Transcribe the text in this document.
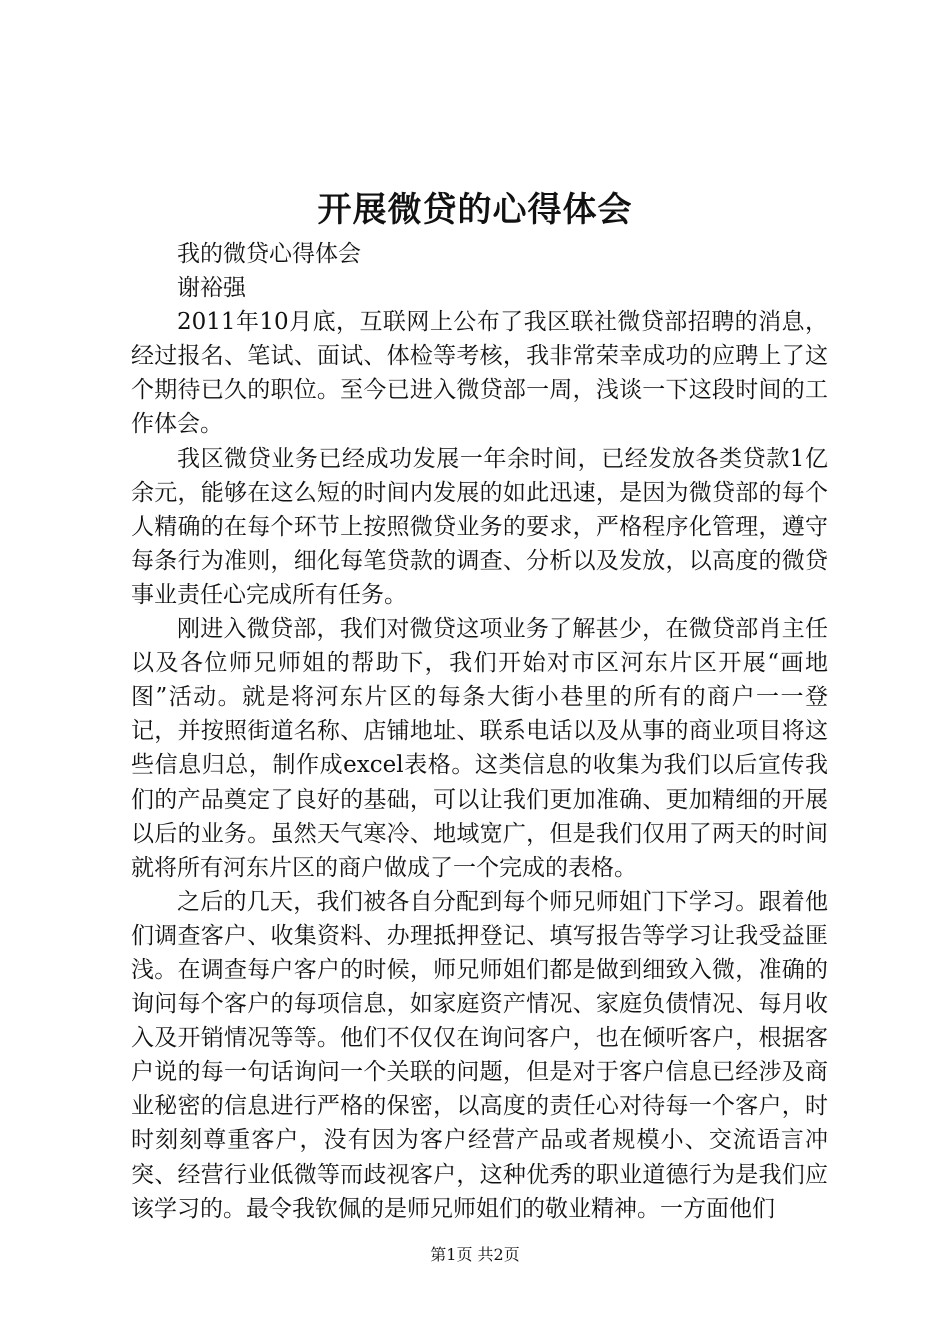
开展微贷的心得体会

我的微贷心得体会

谢裕强

2011年10月底，互联网上公布了我区联社微贷部招聘的消息，经过报名、笔试、面试、体检等考核，我非常荣幸成功的应聘上了这个期待已久的职位。至今已进入微贷部一周，浅谈一下这段时间的工作体会。

我区微贷业务已经成功发展一年余时间，已经发放各类贷款1亿余元，能够在这么短的时间内发展的如此迅速，是因为微贷部的每个人精确的在每个环节上按照微贷业务的要求，严格程序化管理，遵守每条行为准则，细化每笔贷款的调查、分析以及发放，以高度的微贷事业责任心完成所有任务。

刚进入微贷部，我们对微贷这项业务了解甚少，在微贷部肖主任以及各位师兄师姐的帮助下，我们开始对市区河东片区开展“画地图”活动。就是将河东片区的每条大街小巷里的所有的商户一一登记，并按照街道名称、店铺地址、联系电话以及从事的商业项目将这些信息归总，制作成excel表格。这类信息的收集为我们以后宣传我们的产品奠定了良好的基础，可以让我们更加准确、更加精细的开展以后的业务。虽然天气寒冷、地域宽广，但是我们仅用了两天的时间就将所有河东片区的商户做成了一个完成的表格。

之后的几天，我们被各自分配到每个师兄师姐门下学习。跟着他们调查客户、收集资料、办理抵押登记、填写报告等学习让我受益匪浅。在调查每户客户的时候，师兄师姐们都是做到细致入微，准确的询问每个客户的每项信息，如家庭资产情况、家庭负债情况、每月收入及开销情况等等。他们不仅仅在询问客户，也在倾听客户，根据客户说的每一句话询问一个关联的问题，但是对于客户信息已经涉及商业秘密的信息进行严格的保密，以高度的责任心对待每一个客户，时时刻刻尊重客户，没有因为客户经营产品或者规模小、交流语言冲突、经营行业低微等而歧视客户，这种优秀的职业道德行为是我们应该学习的。最令我钦佩的是师兄师姐们的敬业精神。一方面他们

第1页 共2页
